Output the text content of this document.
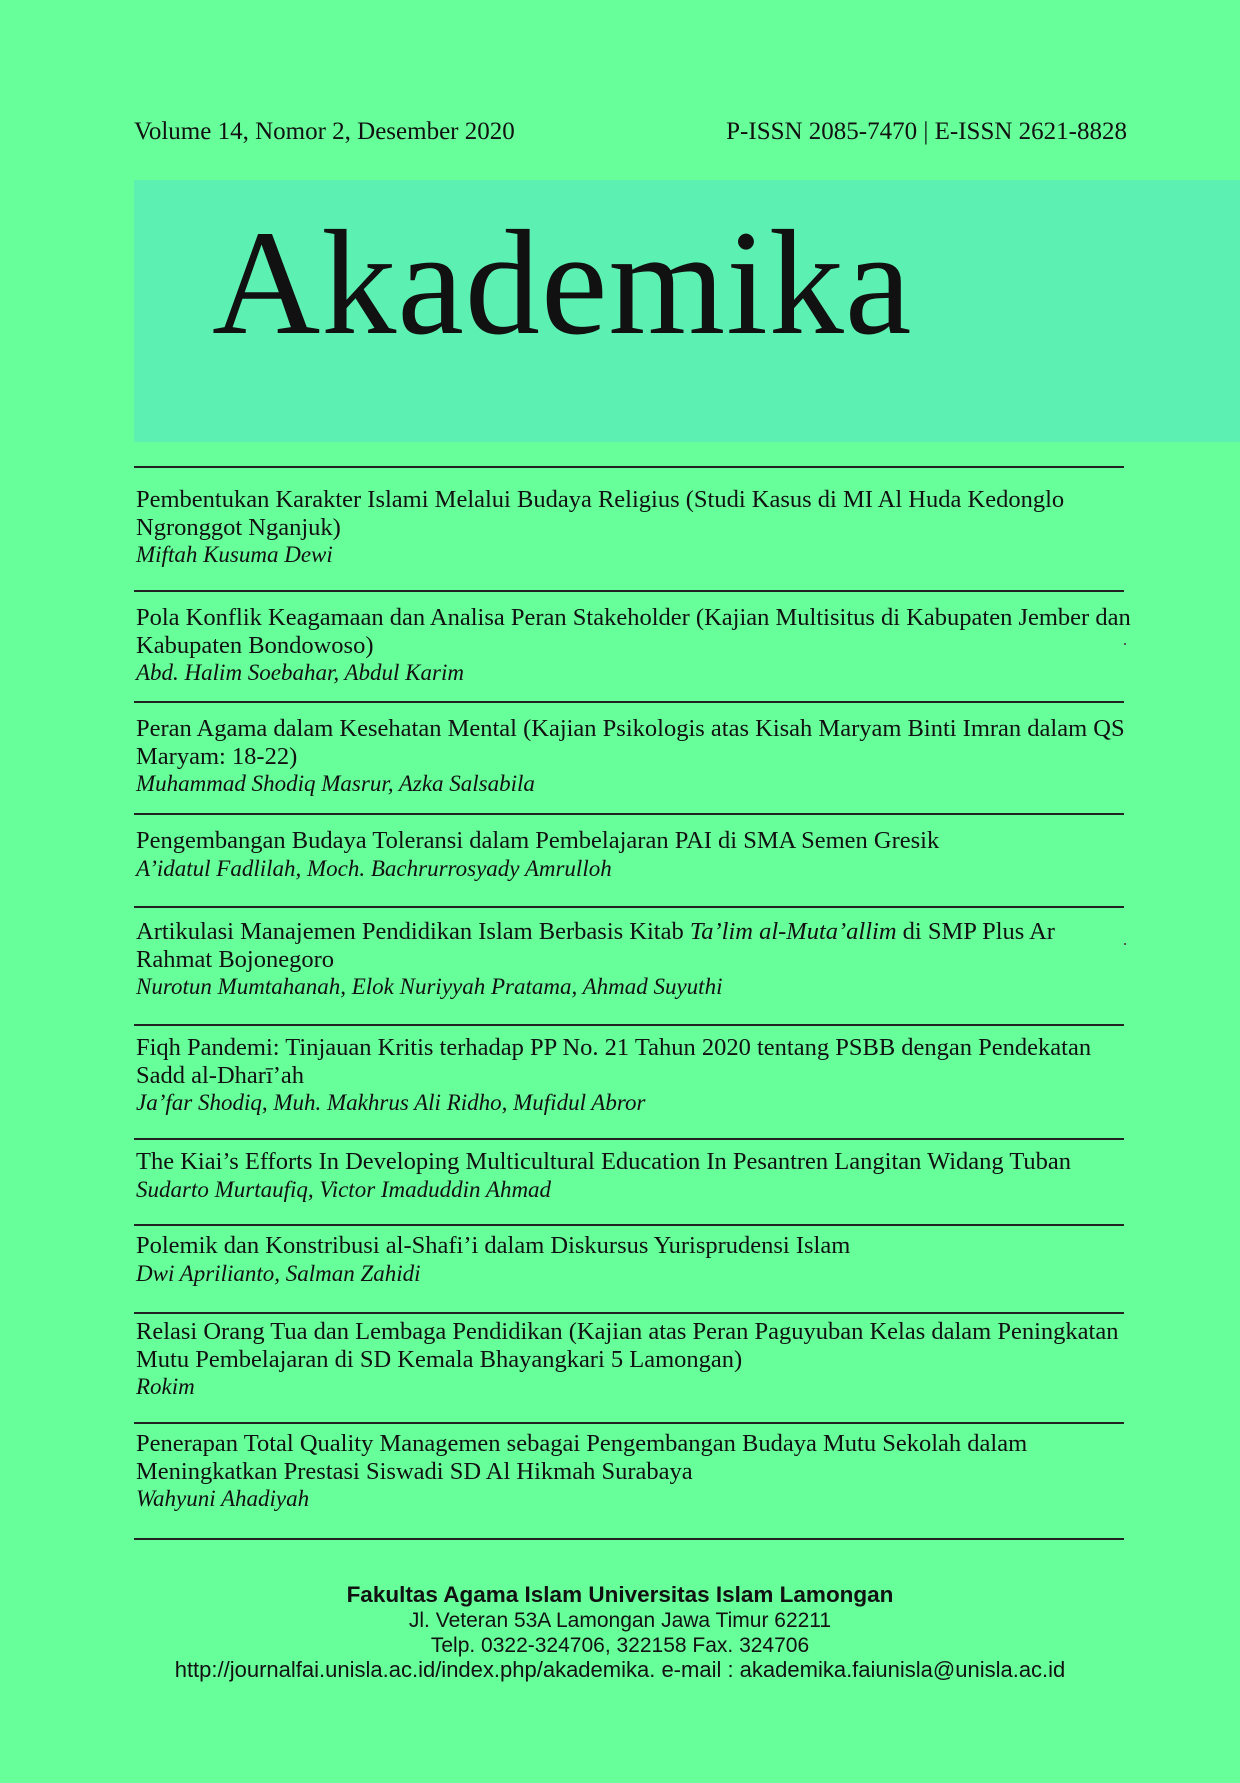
Volume 14, Nomor 2, Desember 2020	P-ISSN 2085-7470 | E-ISSN 2621-8828
Akademika
Pembentukan Karakter Islami Melalui Budaya Religius (Studi Kasus di MI Al Huda Kedonglo Ngronggot Nganjuk)
Miftah Kusuma Dewi
Pola Konflik Keagamaan dan Analisa Peran Stakeholder (Kajian Multisitus di Kabupaten Jember dan Kabupaten Bondowoso)
Abd. Halim Soebahar, Abdul Karim
Peran Agama dalam Kesehatan Mental (Kajian Psikologis atas Kisah Maryam Binti Imran dalam QS Maryam: 18-22)
Muhammad Shodiq Masrur, Azka Salsabila
Pengembangan Budaya Toleransi dalam Pembelajaran PAI di SMA Semen Gresik
A’idatul Fadlilah, Moch. Bachrurrosyady Amrulloh
Artikulasi Manajemen Pendidikan Islam Berbasis Kitab Ta’lim al-Muta’allim di SMP Plus Ar Rahmat Bojonegoro
Nurotun Mumtahanah, Elok Nuriyyah Pratama, Ahmad Suyuthi
Fiqh Pandemi: Tinjauan Kritis terhadap PP No. 21 Tahun 2020 tentang PSBB dengan Pendekatan Sadd al-Dharī’ah
Ja’far Shodiq, Muh. Makhrus Ali Ridho, Mufidul Abror
The Kiai’s Efforts In Developing Multicultural Education In Pesantren Langitan Widang Tuban
Sudarto Murtaufiq, Victor Imaduddin Ahmad
Polemik dan Konstribusi al-Shafi’i dalam Diskursus Yurisprudensi Islam
Dwi Aprilianto, Salman Zahidi
Relasi Orang Tua dan Lembaga Pendidikan (Kajian atas Peran Paguyuban Kelas dalam Peningkatan Mutu Pembelajaran di SD Kemala Bhayangkari 5 Lamongan)
Rokim
Penerapan Total Quality Managemen sebagai Pengembangan Budaya Mutu Sekolah dalam Meningkatkan Prestasi Siswadi SD Al Hikmah Surabaya
Wahyuni Ahadiyah
Fakultas Agama Islam Universitas Islam Lamongan
Jl. Veteran 53A Lamongan Jawa Timur 62211
Telp. 0322-324706, 322158 Fax. 324706
http://journalfai.unisla.ac.id/index.php/akademika. e-mail : akademika.faiunisla@unisla.ac.id
